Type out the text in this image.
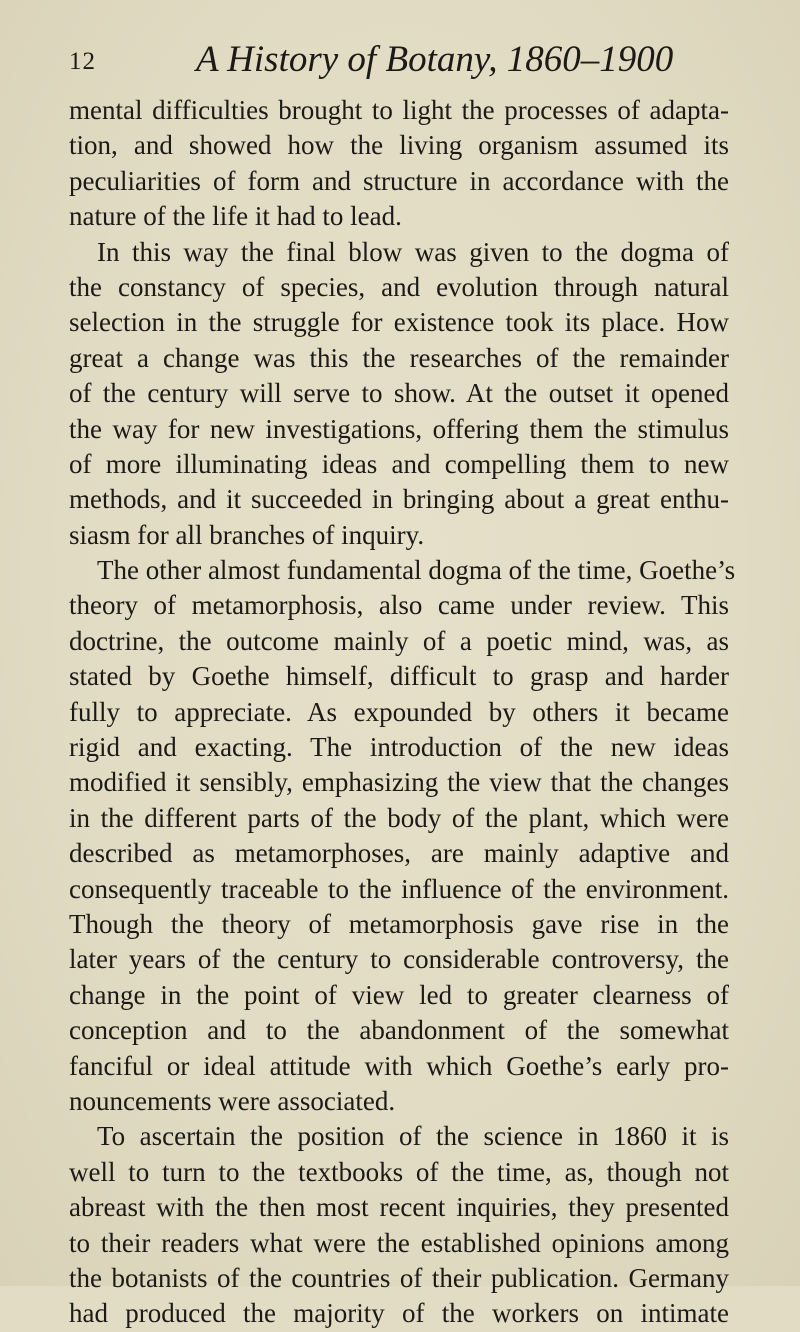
12	A History of Botany, 1860–1900
mental difficulties brought to light the processes of adapta-
tion, and showed how the living organism assumed its
peculiarities of form and structure in accordance with the
nature of the life it had to lead.
In this way the final blow was given to the dogma of
the constancy of species, and evolution through natural
selection in the struggle for existence took its place. How
great a change was this the researches of the remainder
of the century will serve to show. At the outset it opened
the way for new investigations, offering them the stimulus
of more illuminating ideas and compelling them to new
methods, and it succeeded in bringing about a great enthu-
siasm for all branches of inquiry.
The other almost fundamental dogma of the time, Goethe’s
theory of metamorphosis, also came under review. This
doctrine, the outcome mainly of a poetic mind, was, as
stated by Goethe himself, difficult to grasp and harder
fully to appreciate. As expounded by others it became
rigid and exacting. The introduction of the new ideas
modified it sensibly, emphasizing the view that the changes
in the different parts of the body of the plant, which were
described as metamorphoses, are mainly adaptive and
consequently traceable to the influence of the environment.
Though the theory of metamorphosis gave rise in the
later years of the century to considerable controversy, the
change in the point of view led to greater clearness of
conception and to the abandonment of the somewhat
fanciful or ideal attitude with which Goethe’s early pro-
nouncements were associated.
To ascertain the position of the science in 1860 it is
well to turn to the textbooks of the time, as, though not
abreast with the then most recent inquiries, they presented
to their readers what were the established opinions among
the botanists of the countries of their publication. Germany
had produced the majority of the workers on intimate
